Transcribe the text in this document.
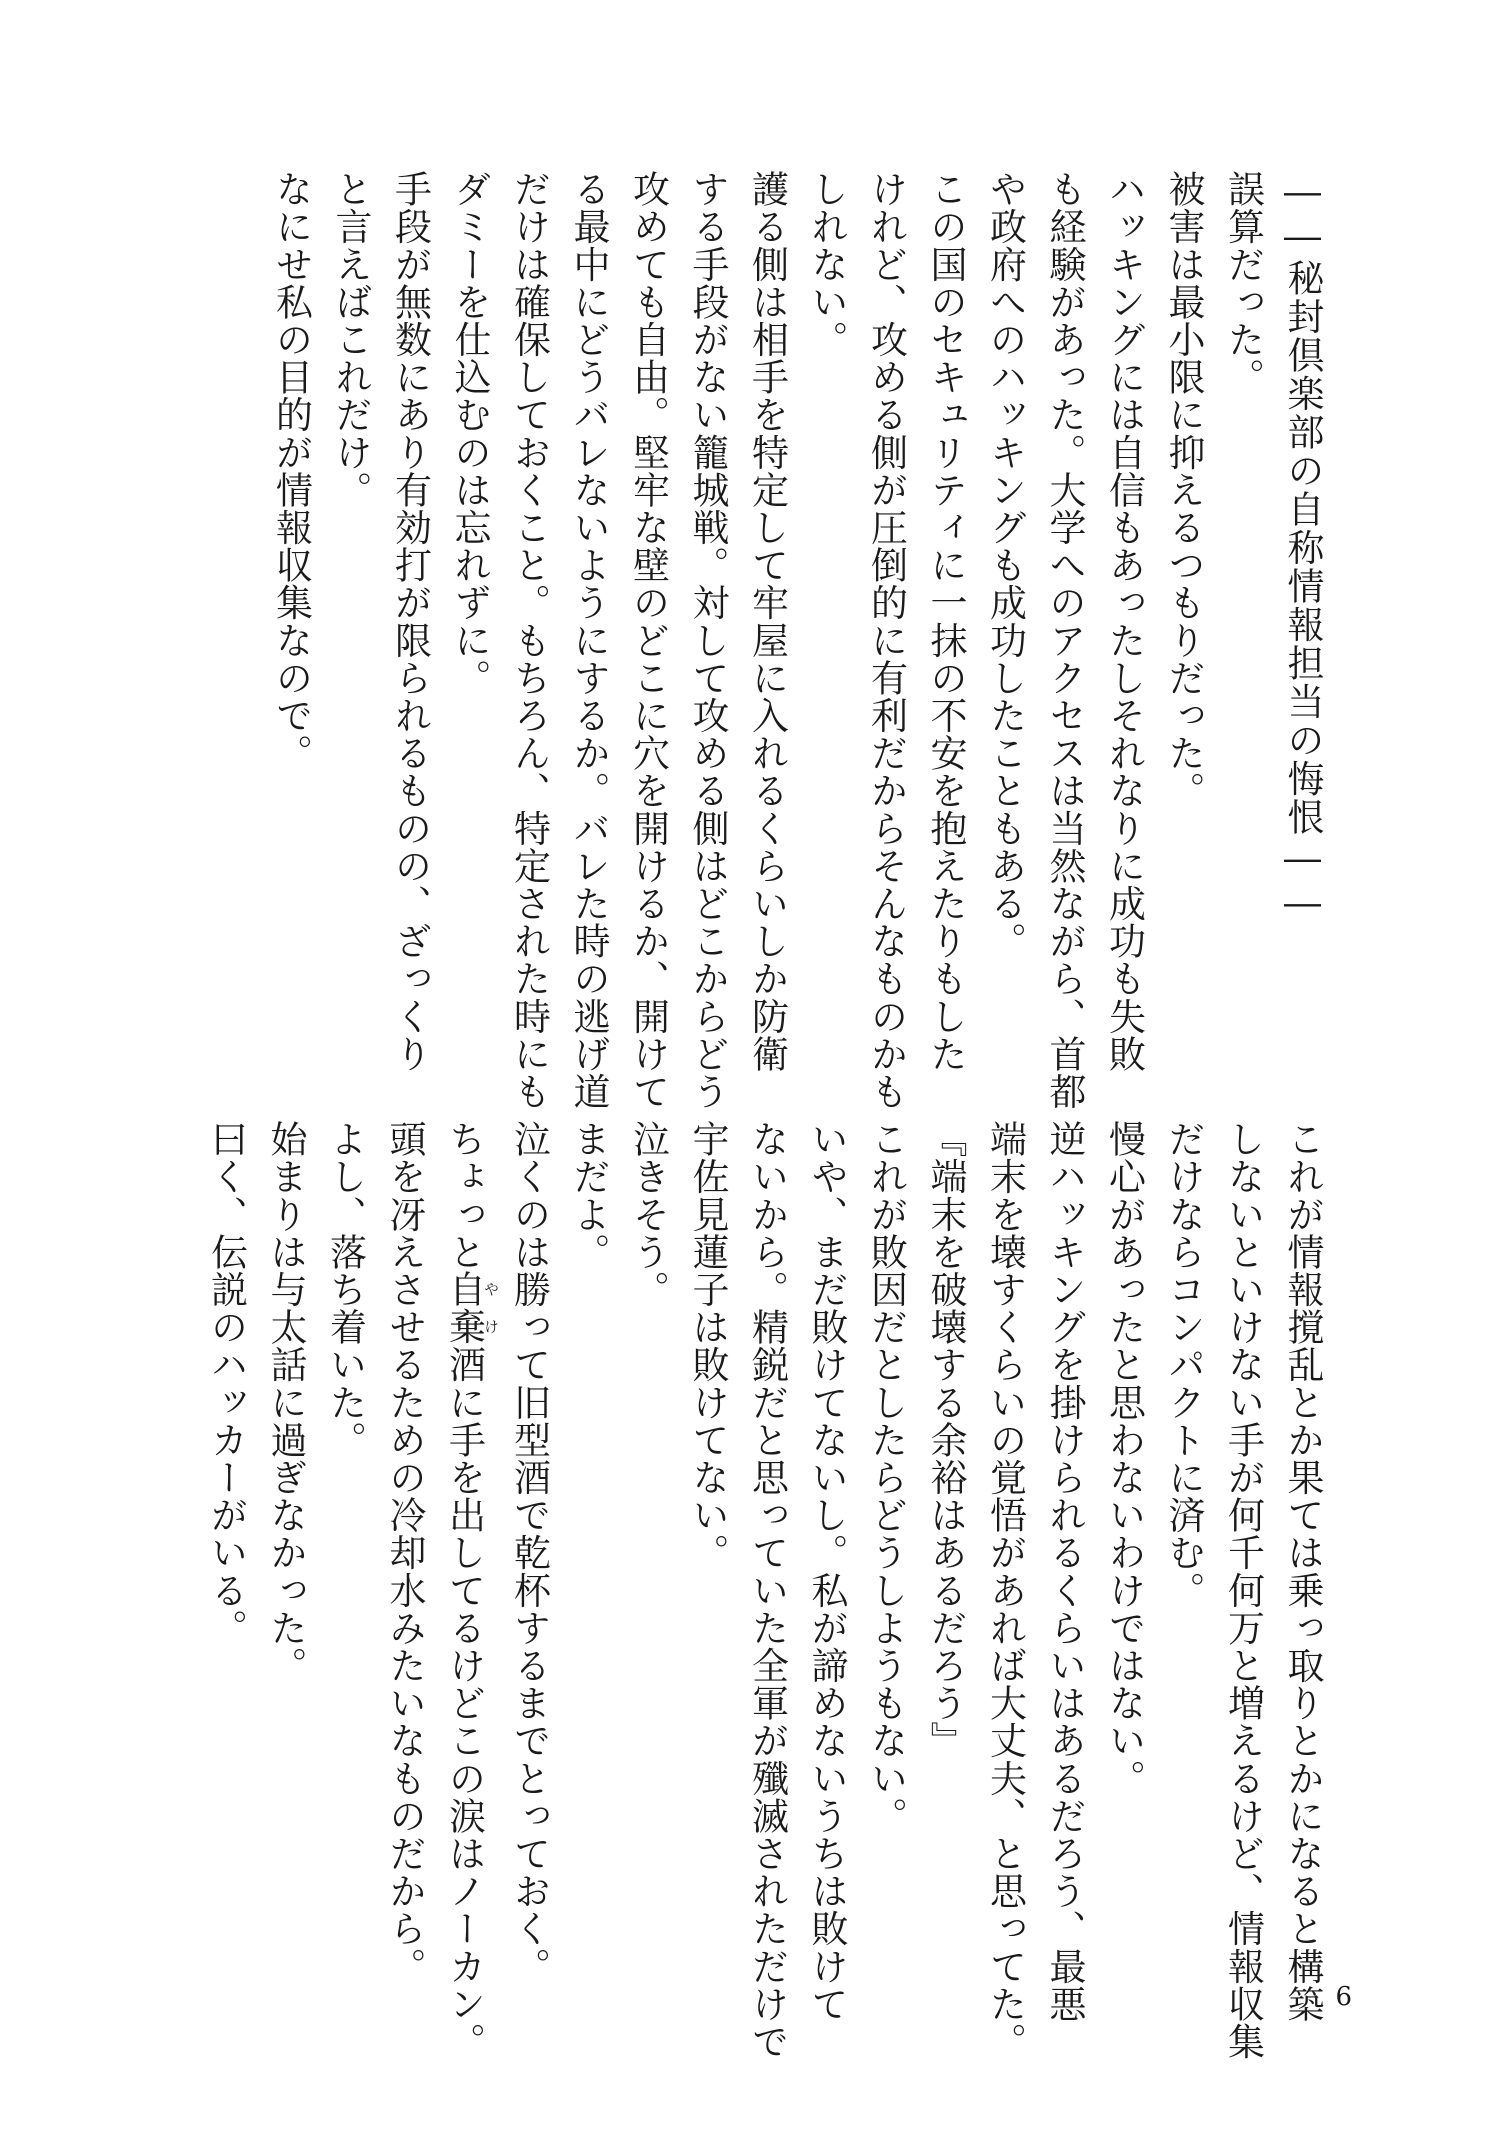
――秘封倶楽部の自称情報担当の悔恨――
誤算だった。
被害は最小限に抑えるつもりだった。
ハッキングには自信もあったしそれなりに成功も失敗
も経験があった。大学へのアクセスは当然ながら、首都
や政府へのハッキングも成功したこともある。
この国のセキュリティに一抹の不安を抱えたりもした
けれど、攻める側が圧倒的に有利だからそんなものかも
しれない。
護る側は相手を特定して牢屋に入れるくらいしか防衛
する手段がない籠城戦。対して攻める側はどこからどう
攻めても自由。堅牢な壁のどこに穴を開けるか、開けて
る最中にどうバレないようにするか。バレた時の逃げ道
だけは確保しておくこと。もちろん、特定された時にも
ダミーを仕込むのは忘れずに。
手段が無数にあり有効打が限られるものの、ざっくり
と言えばこれだけ。
なにせ私の目的が情報収集なので。
これが情報撹乱とか果ては乗っ取りとかになると構築
しないといけない手が何千何万と増えるけど、情報収集
だけならコンパクトに済む。
慢心があったと思わないわけではない。
逆ハッキングを掛けられるくらいはあるだろう、最悪
端末を壊すくらいの覚悟があれば大丈夫、と思ってた。
『端末を破壊する余裕はあるだろう』
これが敗因だとしたらどうしようもない。
いや、まだ敗けてないし。私が諦めないうちは敗けて
ないから。精鋭だと思っていた全軍が殲滅されただけで
宇佐見蓮子は敗けてない。
泣きそう。
まだよ。
泣くのは勝って旧型酒で乾杯するまでとっておく。
ちょっと自棄やけ酒に手を出してるけどこの涙はノーカン。
頭を冴えさせるための冷却水みたいなものだから。
よし、落ち着いた。
始まりは与太話に過ぎなかった。
曰く、伝説のハッカーがいる。
6
